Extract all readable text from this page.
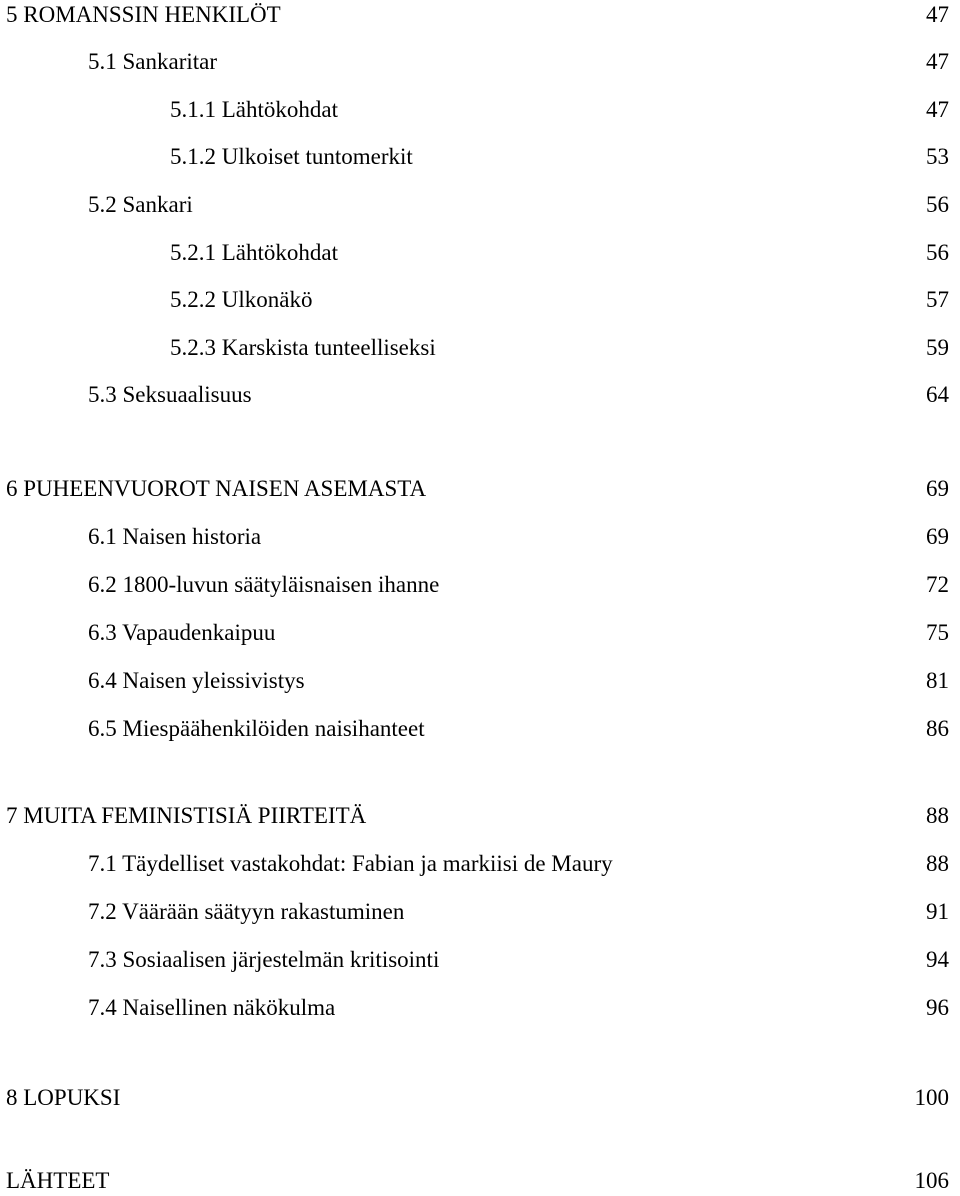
5 ROMANSSIN HENKILÖT	47
5.1 Sankaritar	47
5.1.1 Lähtökohdat	47
5.1.2 Ulkoiset tuntomerkit	53
5.2 Sankari	56
5.2.1 Lähtökohdat	56
5.2.2 Ulkonäkö	57
5.2.3 Karskista tunteelliseksi	59
5.3 Seksuaalisuus	64
6 PUHEENVUOROT NAISEN ASEMASTA	69
6.1 Naisen historia	69
6.2 1800-luvun säätyläisnaisen ihanne	72
6.3 Vapaudenkaipuu	75
6.4 Naisen yleissivistys	81
6.5 Miespäähenkilöiden naisihanteet	86
7 MUITA FEMINISTISIÄ PIIRTEITÄ	88
7.1 Täydelliset vastakohdat: Fabian ja markiisi de Maury	88
7.2 Väärään säätyyn rakastuminen	91
7.3 Sosiaalisen järjestelmän kritisointi	94
7.4 Naisellinen näkökulma	96
8 LOPUKSI	100
LÄHTEET	106
